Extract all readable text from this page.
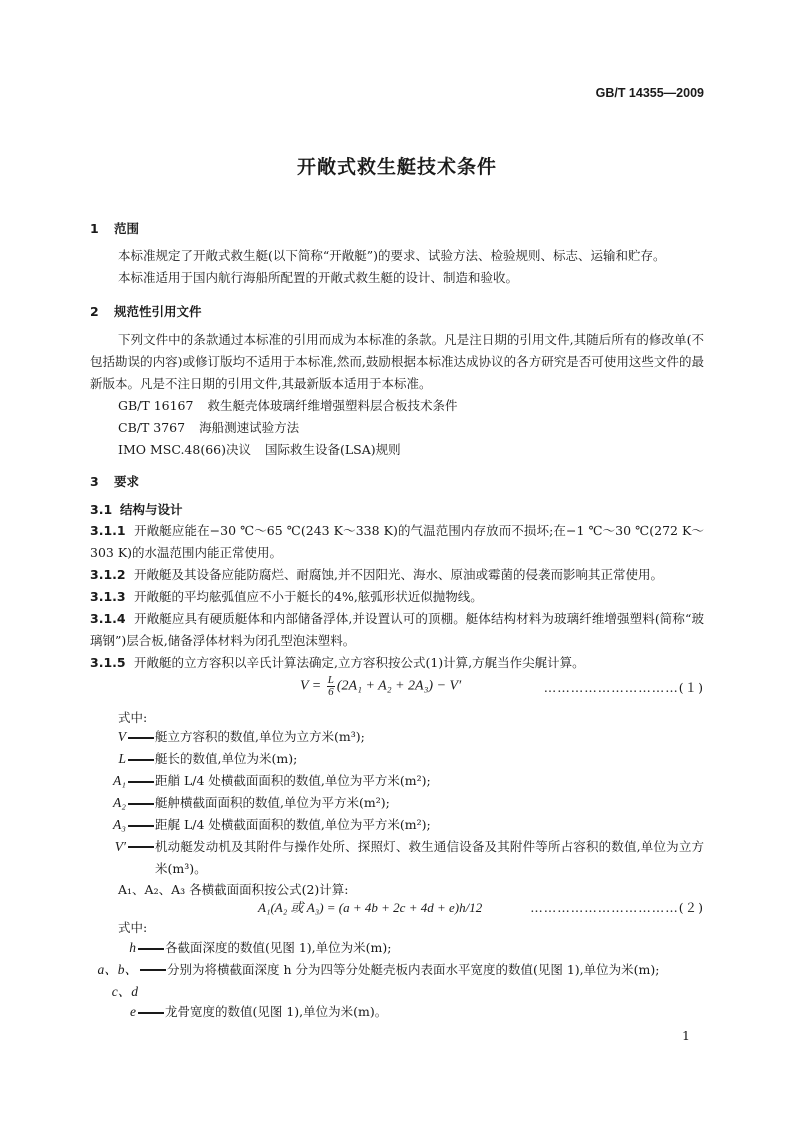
GB/T 14355—2009
开敞式救生艇技术条件
1 范围
本标准规定了开敞式救生艇(以下简称“开敞艇”)的要求、试验方法、检验规则、标志、运输和贮存。
本标准适用于国内航行海船所配置的开敞式救生艇的设计、制造和验收。
2 规范性引用文件
下列文件中的条款通过本标准的引用而成为本标准的条款。凡是注日期的引用文件,其随后所有的修改单(不包括勘误的内容)或修订版均不适用于本标准,然而,鼓励根据本标准达成协议的各方研究是否可使用这些文件的最新版本。凡是不注日期的引用文件,其最新版本适用于本标准。
GB/T 16167 救生艇壳体玻璃纤维增强塑料层合板技术条件
CB/T 3767 海船测速试验方法
IMO MSC.48(66)决议 国际救生设备(LSA)规则
3 要求
3.1 结构与设计
3.1.1 开敞艇应能在−30 ℃～65 ℃(243 K～338 K)的气温范围内存放而不损坏;在−1 ℃～30 ℃(272 K～303 K)的水温范围内能正常使用。
3.1.2 开敞艇及其设备应能防腐烂、耐腐蚀,并不因阳光、海水、原油或霉菌的侵袭而影响其正常使用。
3.1.3 开敞艇的平均舷弧值应不小于艇长的4%,舷弧形状近似抛物线。
3.1.4 开敞艇应具有硬质艇体和内部储备浮体,并设置认可的顶棚。艇体结构材料为玻璃纤维增强塑料(简称“玻璃钢”)层合板,储备浮体材料为闭孔型泡沫塑料。
3.1.5 开敞艇的立方容积以辛氏计算法确定,立方容积按公式(1)计算,方艉当作尖艉计算。
$V = \frac{L}{6} (2A_1 + A_2 + 2A_3) - V'$	…………………………(１)
式中:
V 艇立方容积的数值,单位为立方米(m³);
L 艇长的数值,单位为米(m);
A₁ 距艏 L/4 处横截面面积的数值,单位为平方米(m²);
A₂ 艇舯横截面面积的数值,单位为平方米(m²);
A₃ 距艉 L/4 处横截面面积的数值,单位为平方米(m²);
V′ 机动艇发动机及其附件与操作处所、探照灯、救生通信设备及其附件等所占容积的数值,单位为立方米(m³)。
A₁、A₂、A₃ 各横截面面积按公式(2)计算:
A₁(A₂ 或 A₃) = (a + 4b + 2c + 4d + e)h/12	……………………………(２)
式中:
h 各截面深度的数值(见图 1),单位为米(m);
a、b、c、d
分别为将横截面深度 h 分为四等分处艇壳板内表面水平宽度的数值(见图 1),单位为米(m);
e 龙骨宽度的数值(见图 1),单位为米(m)。
1
